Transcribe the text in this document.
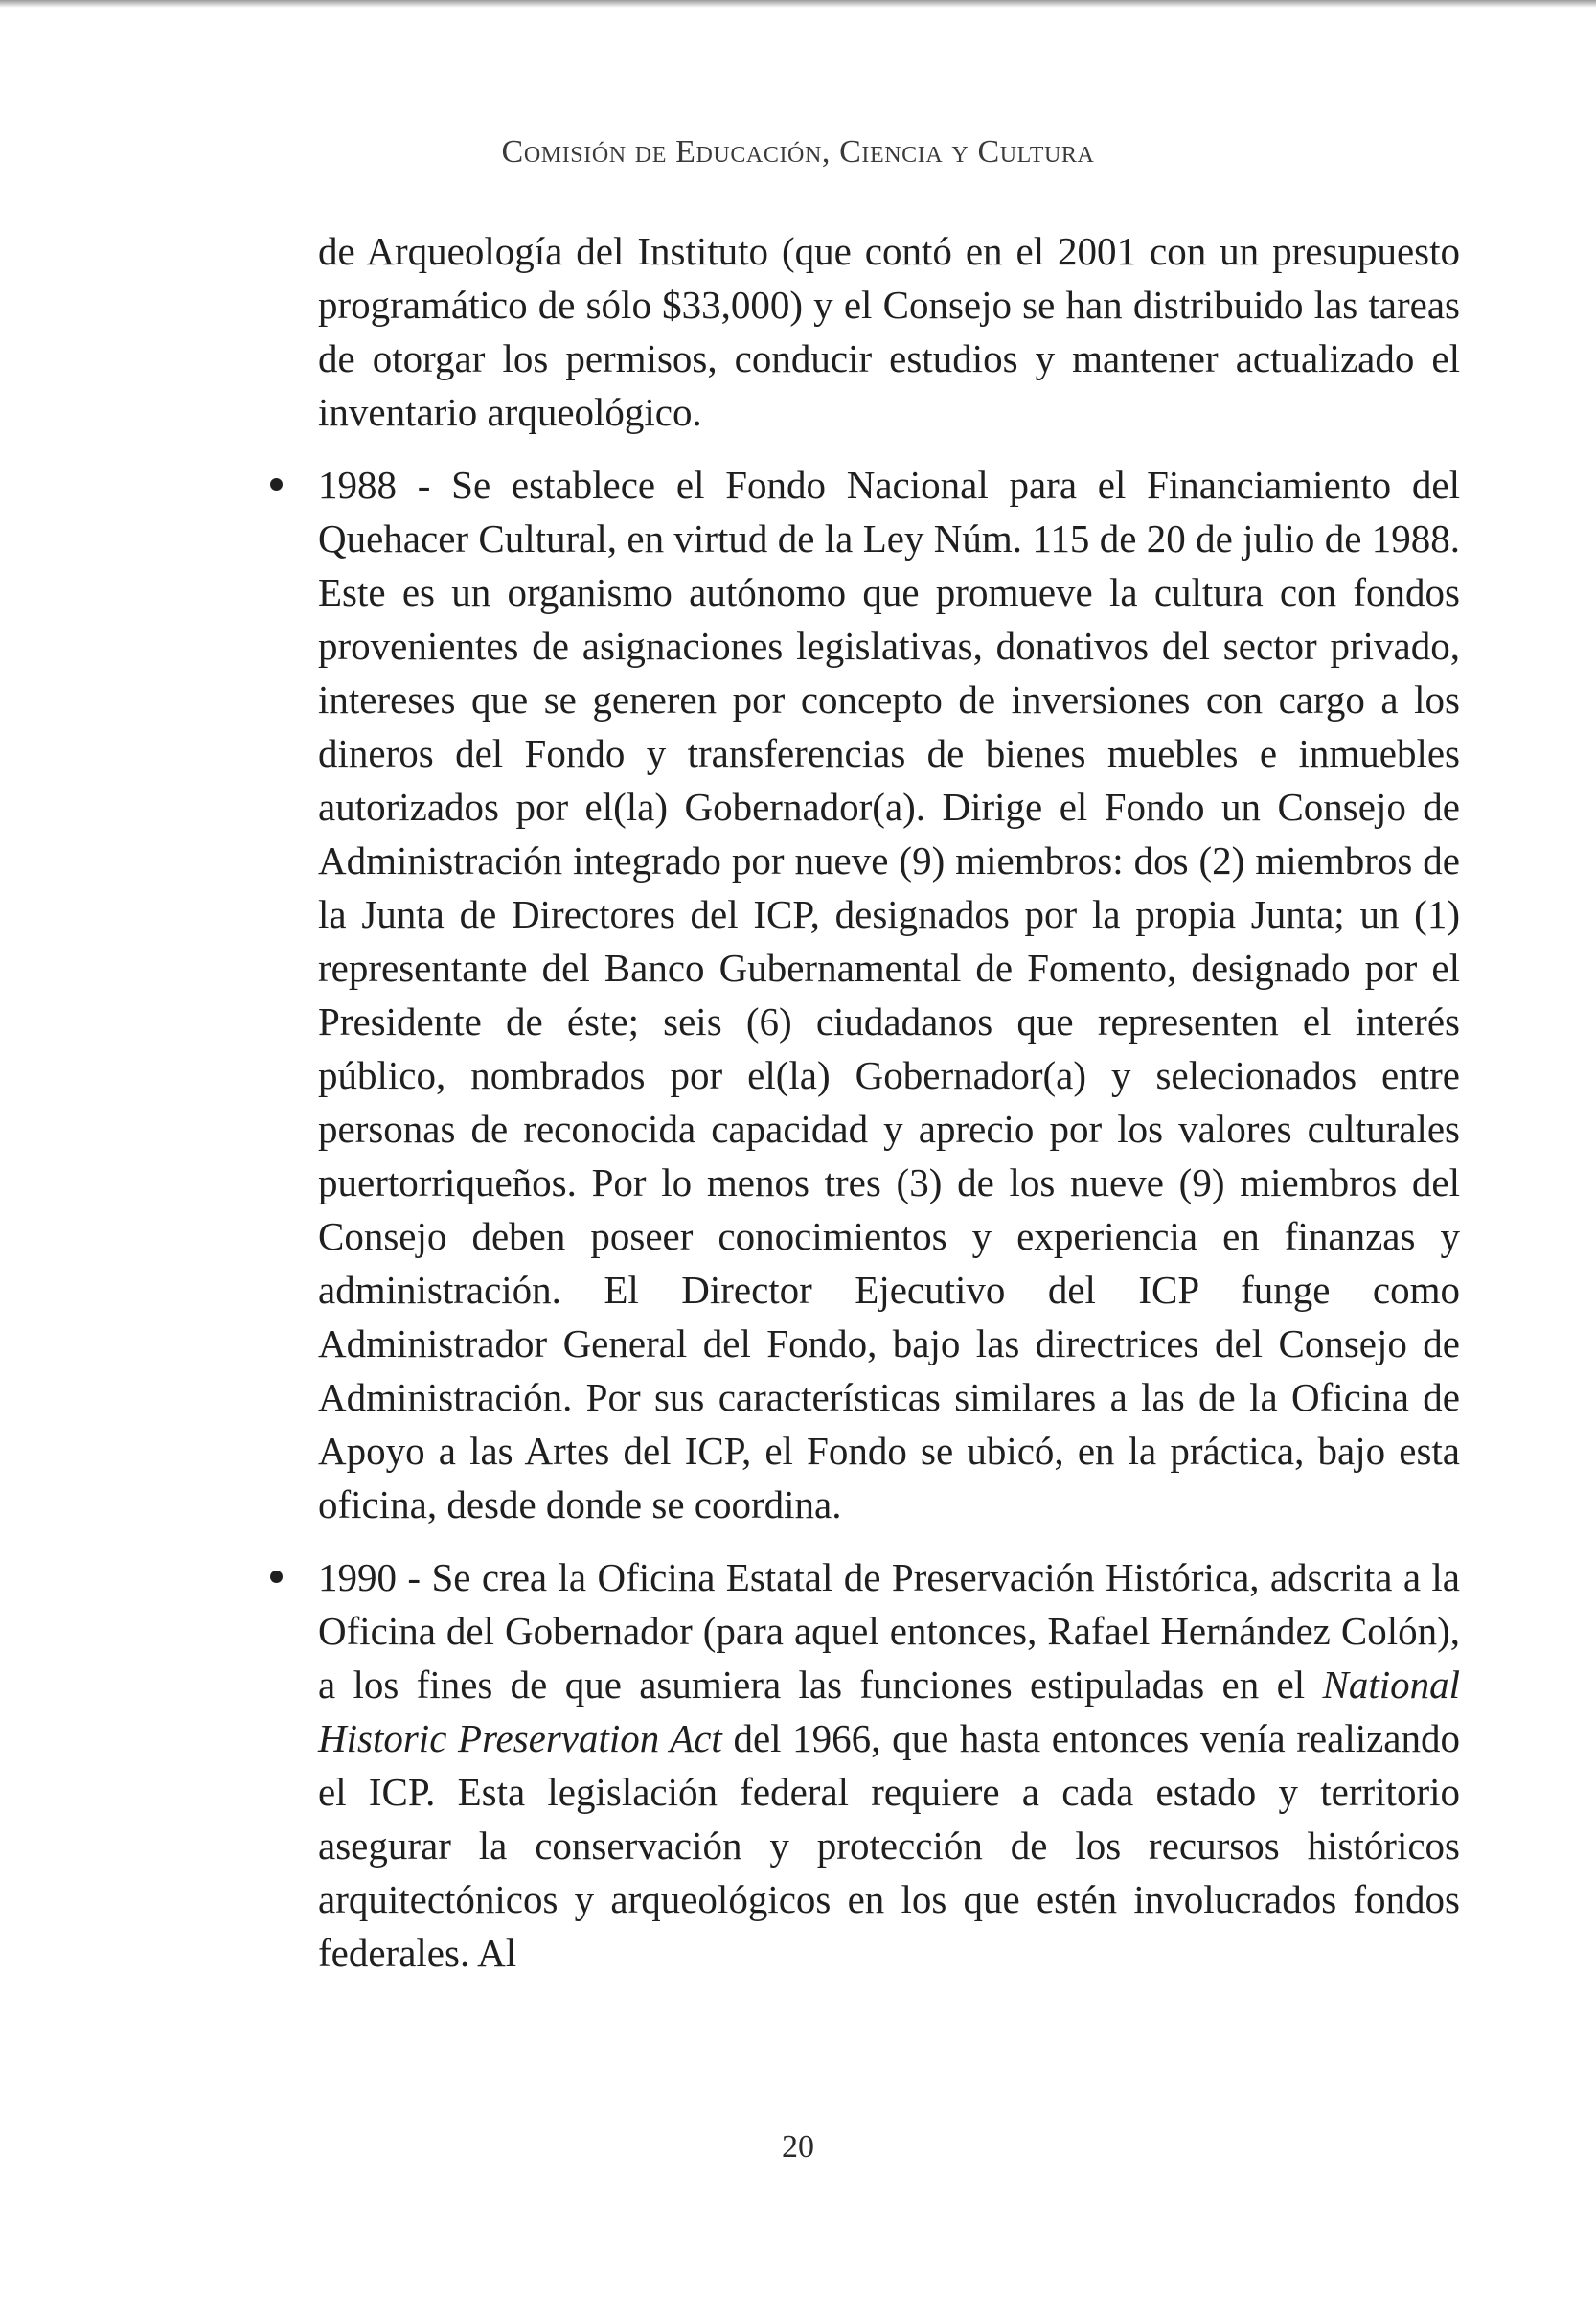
Comisión de Educación, Ciencia y Cultura

de Arqueología del Instituto (que contó en el 2001 con un presupuesto programático de sólo $33,000) y el Consejo se han distribuido las tareas de otorgar los permisos, conducir estudios y mantener actualizado el inventario arqueológico.

1988 - Se establece el Fondo Nacional para el Financiamiento del Quehacer Cultural, en virtud de la Ley Núm. 115 de 20 de julio de 1988. Este es un organismo autónomo que promueve la cultura con fondos provenientes de asignaciones legislativas, donativos del sector privado, intereses que se generen por concepto de inversiones con cargo a los dineros del Fondo y transferencias de bienes muebles e inmuebles autorizados por el(la) Gobernador(a). Dirige el Fondo un Consejo de Administración integrado por nueve (9) miembros: dos (2) miembros de la Junta de Directores del ICP, designados por la propia Junta; un (1) representante del Banco Gubernamental de Fomento, designado por el Presidente de éste; seis (6) ciudadanos que representen el interés público, nombrados por el(la) Gobernador(a) y selecionados entre personas de reconocida capacidad y aprecio por los valores culturales puertorriqueños. Por lo menos tres (3) de los nueve (9) miembros del Consejo deben poseer conocimientos y experiencia en finanzas y administración. El Director Ejecutivo del ICP funge como Administrador General del Fondo, bajo las directrices del Consejo de Administración. Por sus características similares a las de la Oficina de Apoyo a las Artes del ICP, el Fondo se ubicó, en la práctica, bajo esta oficina, desde donde se coordina.
1990 - Se crea la Oficina Estatal de Preservación Histórica, adscrita a la Oficina del Gobernador (para aquel entonces, Rafael Hernández Colón), a los fines de que asumiera las funciones estipuladas en el National Historic Preservation Act del 1966, que hasta entonces venía realizando el ICP. Esta legislación federal requiere a cada estado y territorio asegurar la conservación y protección de los recursos históricos arquitectónicos y arqueológicos en los que estén involucrados fondos federales. Al
20
